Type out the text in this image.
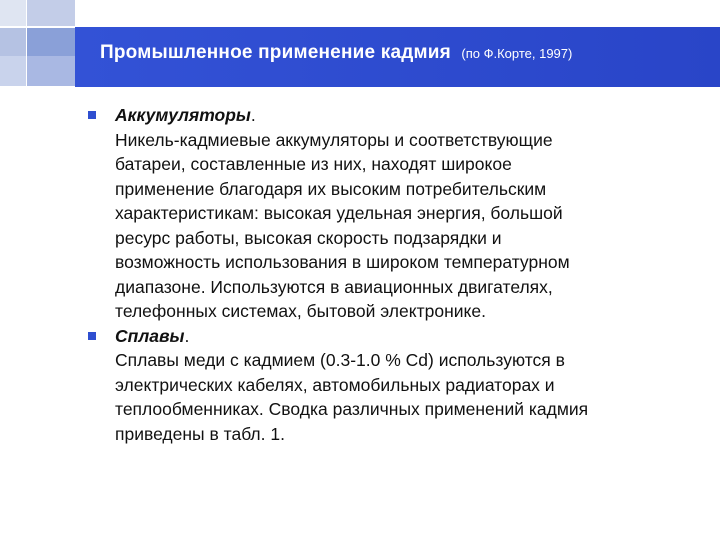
Промышленное применение кадмия (по Ф.Корте, 1997)
Аккумуляторы.
Никель-кадмиевые аккумуляторы и соответствующие
батареи, составленные из них, находят широкое
применение благодаря их высоким потребительским
характеристикам: высокая удельная энергия, большой
ресурс работы, высокая скорость подзарядки и
возможность использования в широком температурном
диапазоне. Используются в авиационных двигателях,
телефонных системах, бытовой электронике.
Сплавы.
Сплавы меди с кадмием (0.3-1.0 % Cd) используются в
электрических кабелях, автомобильных радиаторах и
теплообменниках. Сводка различных применений кадмия
приведены в табл. 1.
